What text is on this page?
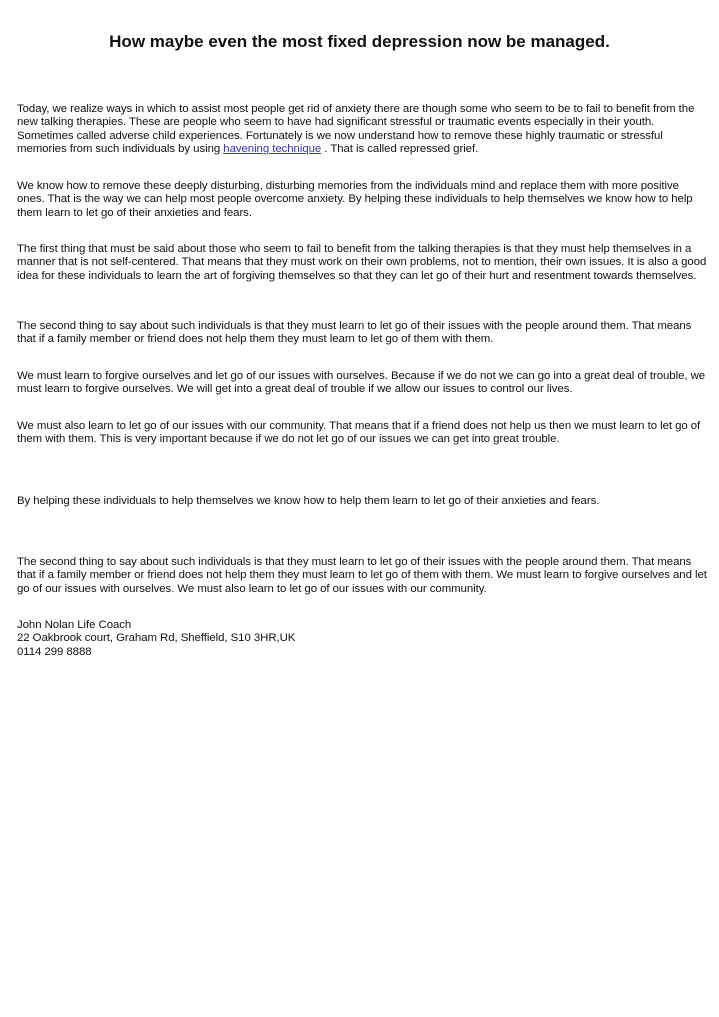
How maybe even the most fixed depression now be managed.

Today, we realize ways in which to assist most people get rid of anxiety there are though some who seem to be to fail to benefit from the new talking therapies. These are people who seem to have had significant stressful or traumatic events especially in their youth. Sometimes called adverse child experiences. Fortunately is we now understand how to remove these highly traumatic or stressful memories from such individuals by using havening technique . That is called repressed grief.

We know how to remove these deeply disturbing, disturbing memories from the individuals mind and replace them with more positive ones. That is the way we can help most people overcome anxiety. By helping these individuals to help themselves we know how to help them learn to let go of their anxieties and fears.

The first thing that must be said about those who seem to fail to benefit from the talking therapies is that they must help themselves in a manner that is not self-centered. That means that they must work on their own problems, not to mention, their own issues. It is also a good idea for these individuals to learn the art of forgiving themselves so that they can let go of their hurt and resentment towards themselves.

The second thing to say about such individuals is that they must learn to let go of their issues with the people around them. That means that if a family member or friend does not help them they must learn to let go of them with them.

We must learn to forgive ourselves and let go of our issues with ourselves. Because if we do not we can go into a great deal of trouble, we must learn to forgive ourselves. We will get into a great deal of trouble if we allow our issues to control our lives.

We must also learn to let go of our issues with our community. That means that if a friend does not help us then we must learn to let go of them with them. This is very important because if we do not let go of our issues we can get into great trouble.

By helping these individuals to help themselves we know how to help them learn to let go of their anxieties and fears.

The second thing to say about such individuals is that they must learn to let go of their issues with the people around them. That means that if a family member or friend does not help them they must learn to let go of them with them. We must learn to forgive ourselves and let go of our issues with ourselves. We must also learn to let go of our issues with our community.

John Nolan Life Coach
22 Oakbrook court, Graham Rd, Sheffield, S10 3HR,UK
0114 299 8888
